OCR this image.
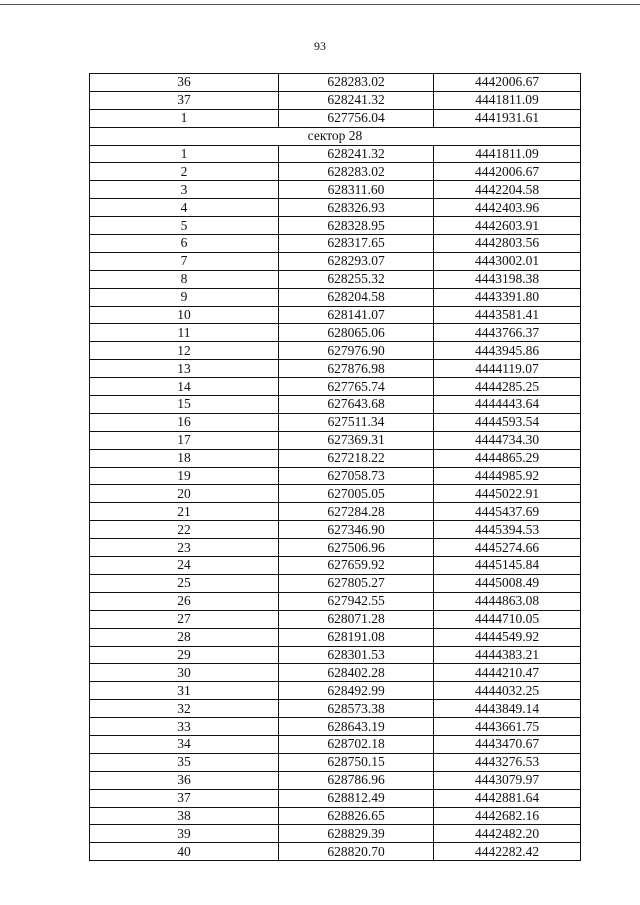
93
36	628283.02	4442006.67
37	628241.32	4441811.09
1	627756.04	4441931.61
сектор 28		
1	628241.32	4441811.09
2	628283.02	4442006.67
3	628311.60	4442204.58
4	628326.93	4442403.96
5	628328.95	4442603.91
6	628317.65	4442803.56
7	628293.07	4443002.01
8	628255.32	4443198.38
9	628204.58	4443391.80
10	628141.07	4443581.41
11	628065.06	4443766.37
12	627976.90	4443945.86
13	627876.98	4444119.07
14	627765.74	4444285.25
15	627643.68	4444443.64
16	627511.34	4444593.54
17	627369.31	4444734.30
18	627218.22	4444865.29
19	627058.73	4444985.92
20	627005.05	4445022.91
21	627284.28	4445437.69
22	627346.90	4445394.53
23	627506.96	4445274.66
24	627659.92	4445145.84
25	627805.27	4445008.49
26	627942.55	4444863.08
27	628071.28	4444710.05
28	628191.08	4444549.92
29	628301.53	4444383.21
30	628402.28	4444210.47
31	628492.99	4444032.25
32	628573.38	4443849.14
33	628643.19	4443661.75
34	628702.18	4443470.67
35	628750.15	4443276.53
36	628786.96	4443079.97
37	628812.49	4442881.64
38	628826.65	4442682.16
39	628829.39	4442482.20
40	628820.70	4442282.42
